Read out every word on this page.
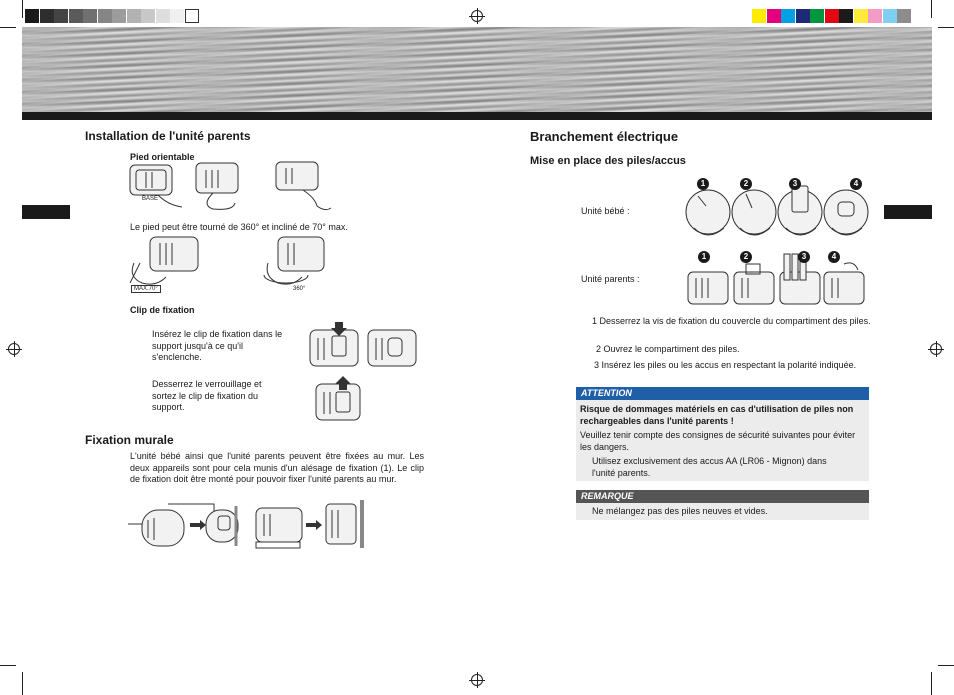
Installation de l'unité parents
Pied orientable
BASE

Le pied peut être tourné de 360° et incliné de 70° max.

MAX.70°	360°
Clip de fixation

Insérez le clip de fixation dans le support jusqu'à ce qu'il s'enclenche.

Desserrez le verrouillage et sortez le clip de fixation du support.

Fixation murale

L'unité bébé ainsi que l'unité parents peuvent être fixées au mur. Les deux appareils sont pour cela munis d'un alésage de fixation (1). Le clip de fixation doit être monté pour pouvoir fixer l'unité parents au mur.

Branchement électrique
Mise en place des piles/accus

Unité bébé :

Unité parents :

1	2	3	4
1	2	3	4

1 Desserrez la vis de fixation du couvercle du compartiment des piles.

2 Ouvrez le compartiment des piles.

3 Insérez les piles ou les accus en respectant la polarité indiquée.

ATTENTION

Risque de dommages matériels en cas d'utilisation de piles non rechargeables dans l'unité parents !

Veuillez tenir compte des consignes de sécurité suivantes pour éviter les dangers.

Utilisez exclusivement des accus AA (LR06 - Mignon) dans l'unité parents.

REMARQUE

Ne mélangez pas des piles neuves et vides.
